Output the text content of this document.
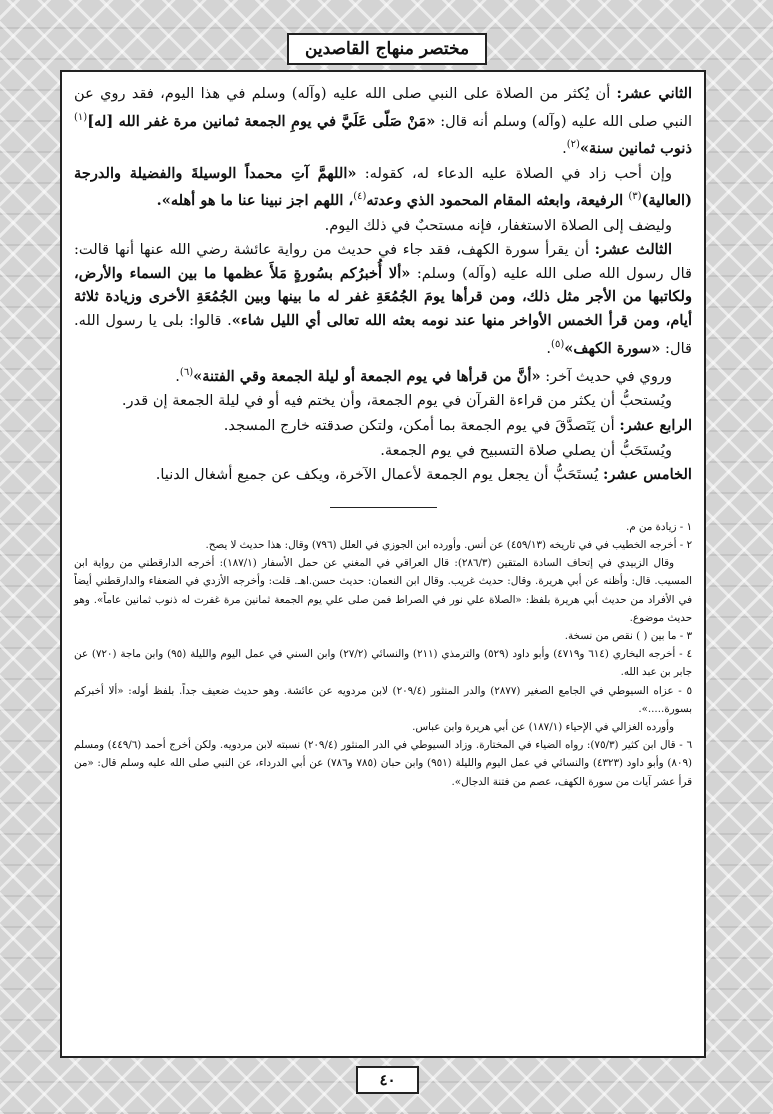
مختصر منهاج القاصدين

الثاني عشر: أن يُكثر من الصلاة على النبي صلى الله عليه (وآله) وسلم في هذا اليوم، فقد روي عن النبي صلى الله عليه (وآله) وسلم أنه قال: «مَنْ صَلّى عَلَيَّ في يومِ الجمعة ثمانين مرة غفر الله [له]$^{(١)}$ ذنوب ثمانين سنة»$^{(٢)}$.

وإن أحب زاد في الصلاة عليه الدعاء له، كقوله: «اللهمَّ آتِ محمداً الوسيلةَ والفضيلة والدرجة (العالية)$^{(٣)}$ الرفيعة، وابعثه المقام المحمود الذي وعدته$^{(٤)}$، اللهم اجز نبينا عنا ما هو أهله».

وليضف إلى الصلاة الاستغفار، فإنه مستحبٌ في ذلك اليوم.

الثالث عشر: أن يقرأ سورة الكهف، فقد جاء في حديث من رواية عائشة رضي الله عنها أنها قالت: قال رسول الله صلى الله عليه (وآله) وسلم: «ألا أُخبرُكم بسُورةٍ مَلأَ عظمها ما بين السماء والأرض، ولكاتبها من الأجر مثل ذلك، ومن قرأها يومَ الجُمُعَةِ غفر له ما بينها وبين الجُمُعَةِ الأخرى وزيادة ثلاثة أيام، ومن قرأ الخمس الأواخر منها عند نومه بعثه الله تعالى أي الليل شاء». قالوا: بلى يا رسول الله. قال: «سورة الكهف»$^{(٥)}$.

وروي في حديث آخر: «أنَّ من قرأها في يوم الجمعة أو ليلة الجمعة وقي الفتنة»$^{(٦)}$.

ويُستحبُّ أن يكثر من قراءة القرآن في يوم الجمعة، وأن يختم فيه أو في ليلة الجمعة إن قدر.

الرابع عشر: أن يَتَصدَّقَ في يوم الجمعة بما أمكن، ولتكن صدقته خارج المسجد.

ويُستَحَبُّ أن يصلي صلاة التسبيح في يوم الجمعة.

الخامس عشر: يُستَحَبُّ أن يجعل يوم الجمعة لأعمال الآخرة، ويكف عن جميع أشغال الدنيا.

١ - زيادة من م.

٢ - أخرجه الخطيب في في تاريخه (٤٥٩/١٣) عن أنس. وأورده ابن الجوزي في العلل (٧٩٦) وقال: هذا حديث لا يصح.

وقال الزبيدي في إتحاف السادة المتقين (٢٨٦/٣): قال العراقي في المغني عن حمل الأسفار (١٨٧/١): أخرجه الدارقطني من رواية ابن المسيب. قال: وأظنه عن أبي هريرة. وقال: حديث غريب. وقال ابن النعمان: حديث حسن.اهـ. قلت: وأخرجه الأزدي في الضعفاء والدارقطني أيضاً في الأفراد من حديث أبي هريرة بلفظ: «الصلاة علي نور في الصراط فمن صلى علي يوم الجمعة ثمانين مرة غفرت له ذنوب ثمانين عاماً». وهو حديث موضوع.

٣ - ما بين ( ) نقص من نسخة.

٤ - أخرجه البخاري (٦١٤ و٤٧١٩) وأبو داود (٥٢٩) والترمذي (٢١١) والنسائي (٢٧/٢) وابن السني في عمل اليوم والليلة (٩٥) وابن ماجة (٧٢٠) عن جابر بن عبد الله.

٥ - عزاه السيوطي في الجامع الصغير (٢٨٧٧) والدر المنثور (٢٠٩/٤) لابن مردويه عن عائشة. وهو حديث ضعيف جداً. بلفظ أوله: «ألا أخبركم بسورة.....».

وأورده الغزالي في الإحياء (١٨٧/١) عن أبي هريرة وابن عباس.

٦ - قال ابن كثير (٧٥/٣): رواه الضياء في المختارة. وزاد السيوطي في الدر المنثور (٢٠٩/٤) نسبته لابن مردويه. ولكن أخرج أحمد (٤٤٩/٦) ومسلم (٨٠٩) وأبو داود (٤٣٢٣) والنسائي في عمل اليوم والليلة (٩٥١) وابن حبان (٧٨٥ و٧٨٦) عن أبي الدرداء، عن النبي صلى الله عليه وسلم قال: «من قرأ عشر آيات من سورة الكهف، عصم من فتنة الدجال».

٤٠
